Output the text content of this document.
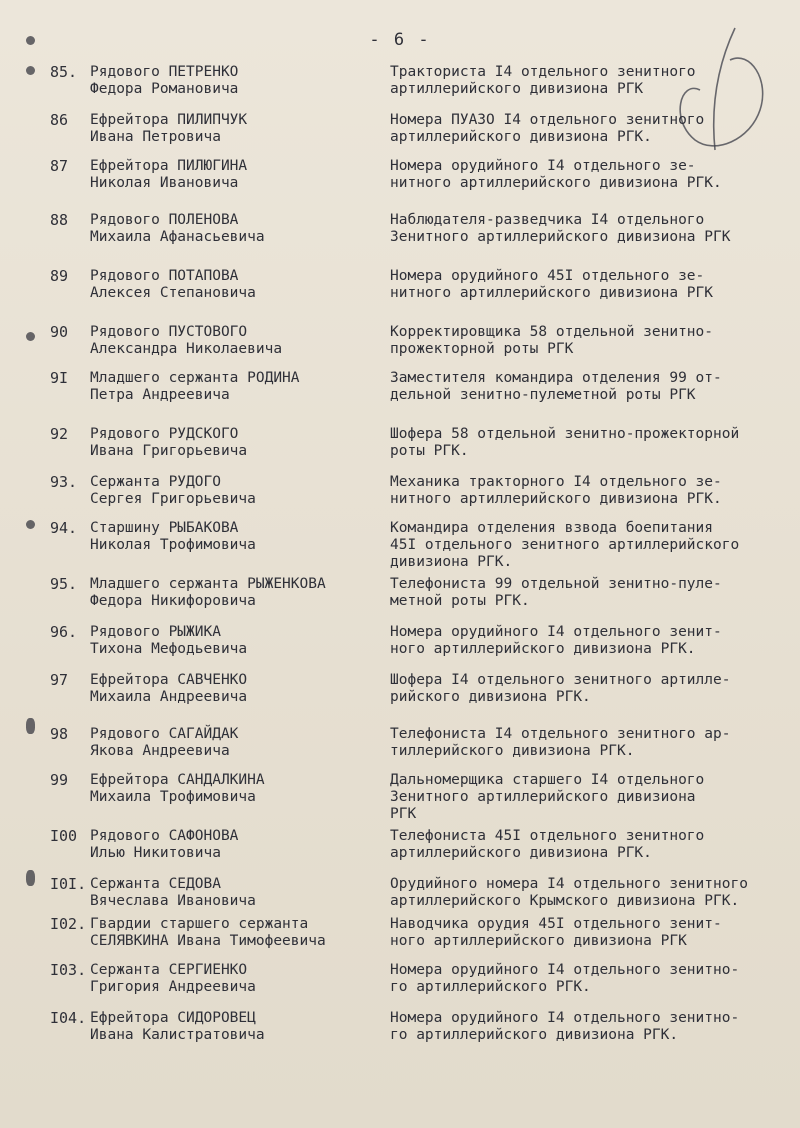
- 6 -
85. Рядового ПЕТРЕНКО
Федора Романовича
Тракториста I4 отдельного зенитного
артиллерийского дивизиона РГК
86 Ефрейтора ПИЛИПЧУК
Ивана Петровича
Номера ПУАЗО I4 отдельного зенитного
артиллерийского дивизиона РГК.
87 Ефрейтора ПИЛЮГИНА
Николая Ивановича
Номера орудийного I4 отдельного зе-
нитного артиллерийского дивизиона РГК.
88 Рядового ПОЛЕНОВА
Михаила Афанасьевича
Наблюдателя-разведчика I4 отдельного
Зенитного артиллерийского дивизиона РГК
89 Рядового ПОТАПОВА
Алексея Степановича
Номера орудийного 45I отдельного зе-
нитного артиллерийского дивизиона РГК
90 Рядового ПУСТОВОГО
Александра Николаевича
Корректировщика 58 отдельной зенитно-
прожекторной роты РГК
9I Младшего сержанта РОДИНА
Петра Андреевича
Заместителя командира отделения 99 от-
дельной зенитно-пулеметной роты РГК
92 Рядового РУДСКОГО
Ивана Григорьевича
Шофера 58 отдельной зенитно-прожекторной
роты РГК.
93. Сержанта РУДОГО
Сергея Григорьевича
Механика тракторного I4 отдельного зе-
нитного артиллерийского дивизиона РГК.
94. Старшину РЫБАКОВА
Николая Трофимовича
Командира отделения взвода боепитания
45I отдельного зенитного артиллерийского
дивизиона РГК.
95. Младшего сержанта РЫЖЕНКОВА
Федора Никифоровича
Телефониста 99 отдельной зенитно-пуле-
метной роты РГК.
96. Рядового РЫЖИКА
Тихона Мефодьевича
Номера орудийного I4 отдельного зенит-
ного артиллерийского дивизиона РГК.
97 Ефрейтора САВЧЕНКО
Михаила Андреевича
Шофера I4 отдельного зенитного артилле-
рийского дивизиона РГК.
98 Рядового САГАЙДАК
Якова Андреевича
Телефониста I4 отдельного зенитного ар-
тиллерийского дивизиона РГК.
99 Ефрейтора САНДАЛКИНА
Михаила Трофимовича
Дальномерщика старшего I4 отдельного
Зенитного артиллерийского дивизиона
РГК
I00 Рядового САФОНОВА
Илью Никитовича
Телефониста 45I отдельного зенитного
артиллерийского дивизиона РГК.
I0I. Сержанта СЕДОВА
Вячеслава Ивановича
Орудийного номера I4 отдельного зенитного
артиллерийского Крымского дивизиона РГК.
I02. Гвардии старшего сержанта
СЕЛЯВКИНА Ивана Тимофеевича
Наводчика орудия 45I отдельного зенит-
ного артиллерийского дивизиона РГК
I03. Сержанта СЕРГИЕНКО
Григория Андреевича
Номера орудийного I4 отдельного зенитно-
го артиллерийского РГК.
I04. Ефрейтора СИДОРОВЕЦ
Ивана Калистратовича
Номера орудийного I4 отдельного зенитно-
го артиллерийского дивизиона РГК.
